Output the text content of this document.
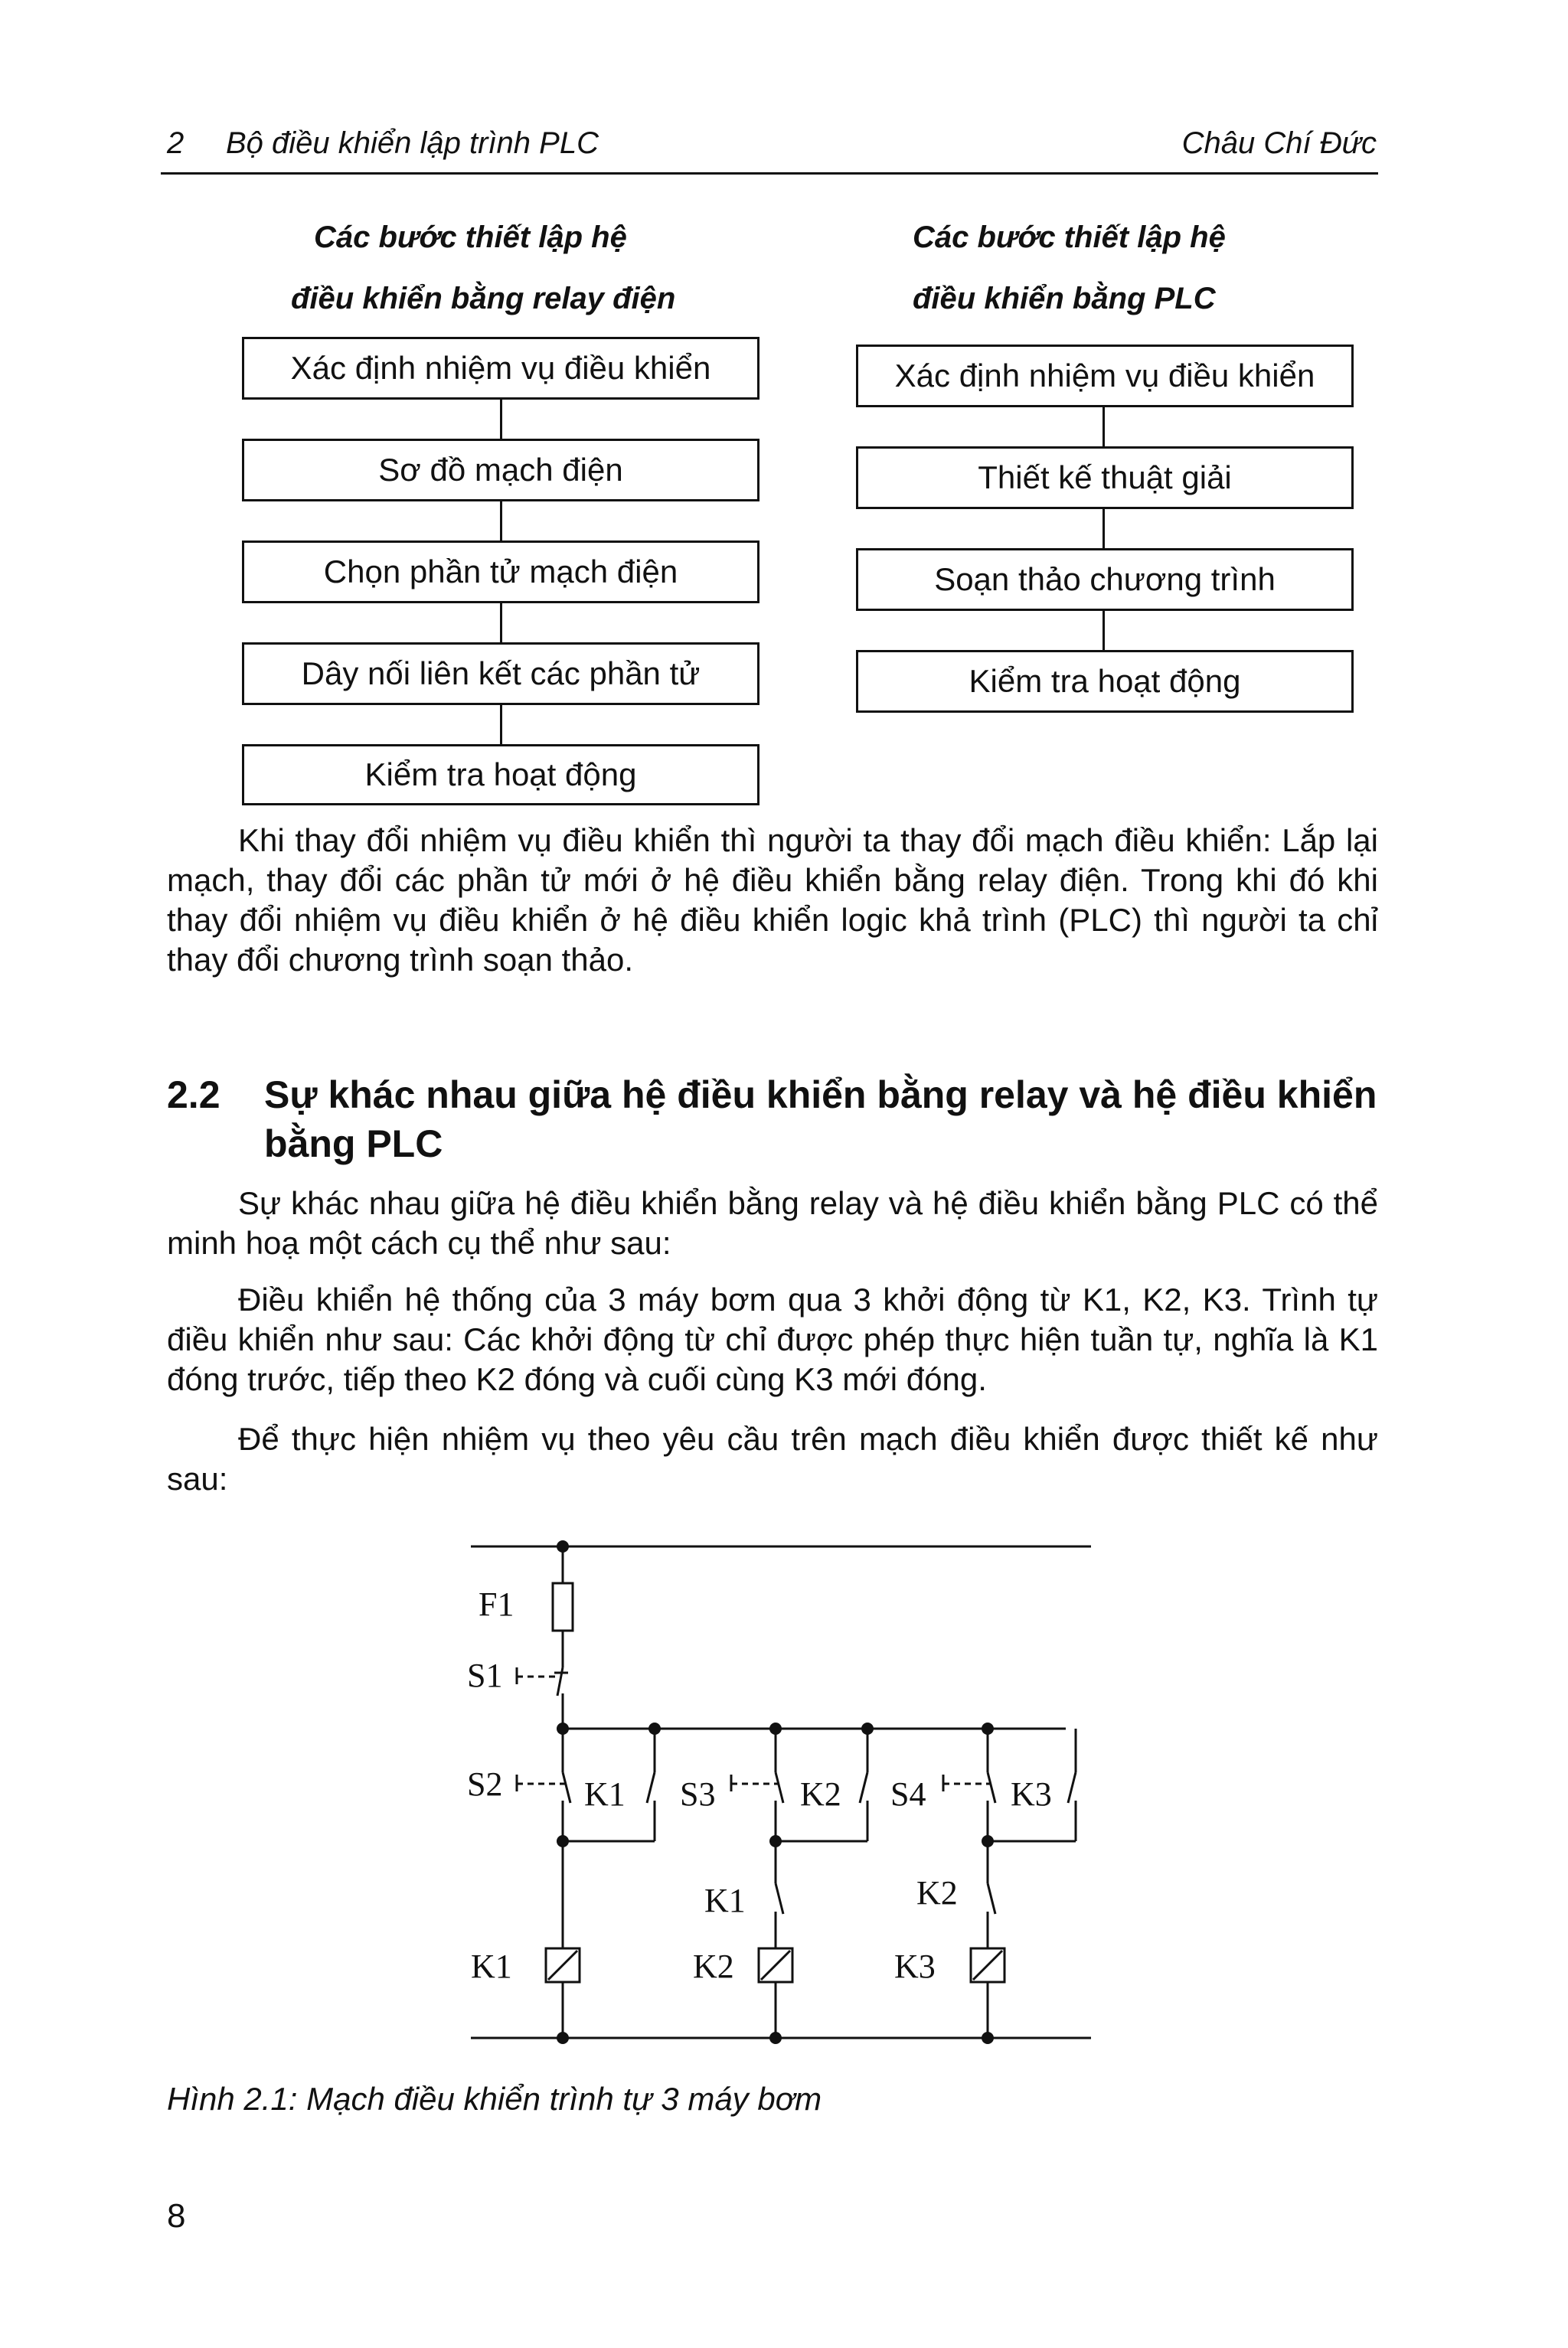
2 Bộ điều khiển lập trình PLC	Châu Chí Đức
Các bước thiết lập hệ
điều khiển bằng relay điện
Xác định nhiệm vụ điều khiển
Sơ đồ mạch điện
Chọn phần tử mạch điện
Dây nối liên kết các phần tử
Kiểm tra hoạt động
Các bước thiết lập hệ
điều khiển bằng PLC
Xác định nhiệm vụ điều khiển
Thiết kế thuật giải
Soạn thảo chương trình
Kiểm tra hoạt động

Khi thay đổi nhiệm vụ điều khiển thì người ta thay đổi mạch điều khiển: Lắp lại mạch, thay đổi các phần tử mới ở hệ điều khiển bằng relay điện. Trong khi đó khi thay đổi nhiệm vụ điều khiển ở hệ điều khiển logic khả trình (PLC) thì người ta chỉ thay đổi chương trình soạn thảo.

2.2 Sự khác nhau giữa hệ điều khiển bằng relay và hệ điều khiển bằng PLC

Sự khác nhau giữa hệ điều khiển bằng relay và hệ điều khiển bằng PLC có thể minh hoạ một cách cụ thể như sau:

Điều khiển hệ thống của 3 máy bơm qua 3 khởi động từ K1, K2, K3. Trình tự điều khiển như sau: Các khởi động từ chỉ được phép thực hiện tuần tự, nghĩa là K1 đóng trước, tiếp theo K2 đóng và cuối cùng K3 mới đóng.

Để thực hiện nhiệm vụ theo yêu cầu trên mạch điều khiển được thiết kế như sau:

F1
S1
S2	S3	S4
K1	K2	K3
K1	K2
K1	K2	K3
Hình 2.1: Mạch điều khiển trình tự 3 máy bơm
8
